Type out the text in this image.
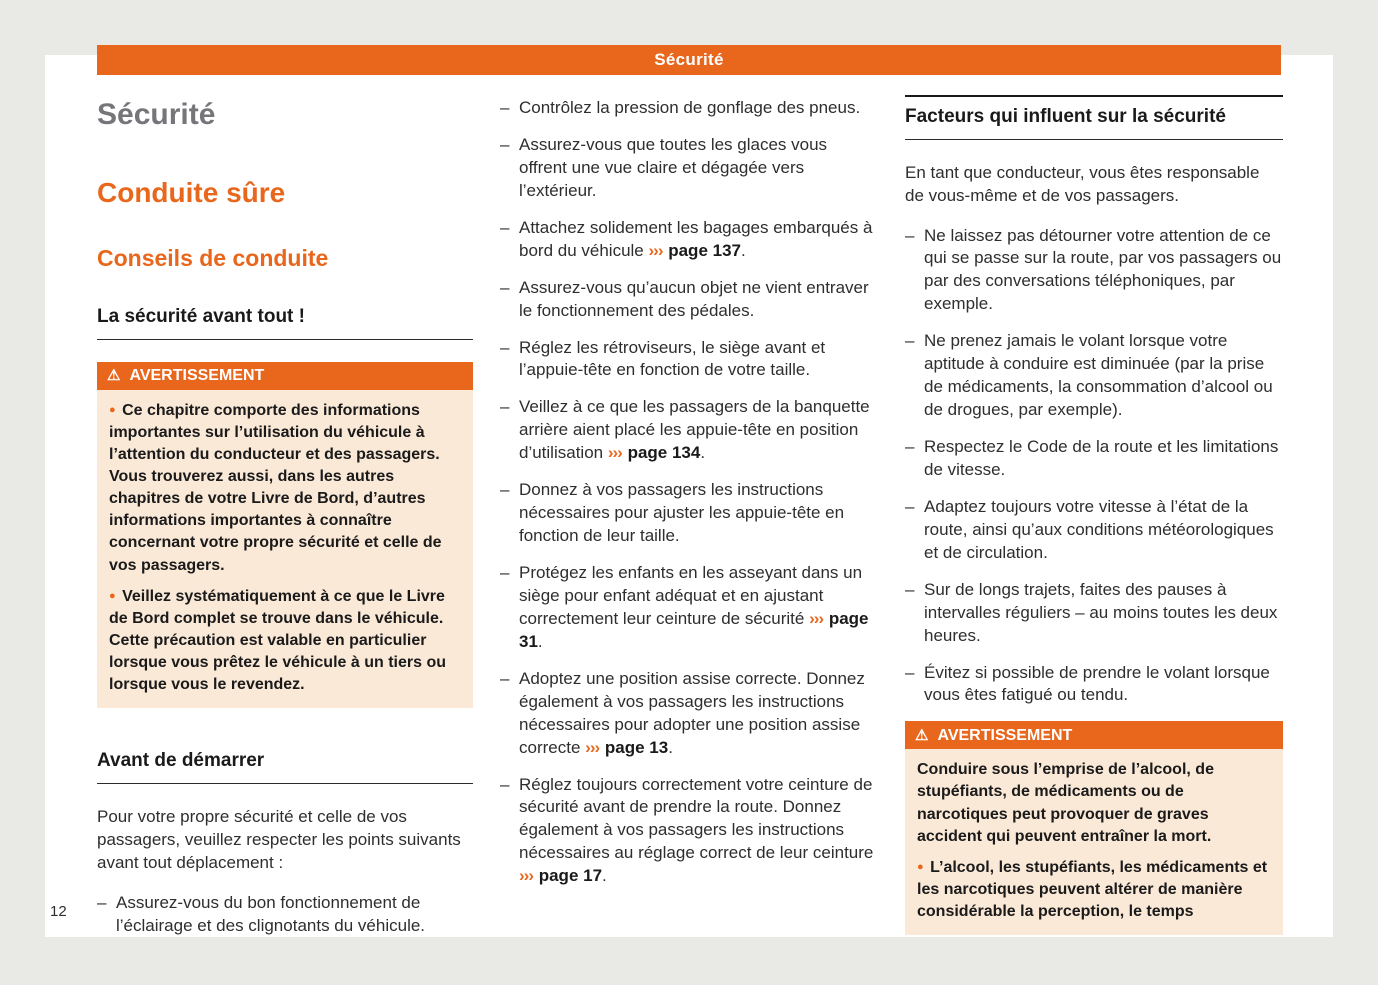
Sécurité
Sécurité
Conduite sûre
Conseils de conduite
La sécurité avant tout !
⚠ AVERTISSEMENT

● Ce chapitre comporte des informations importantes sur l’utilisation du véhicule à l’attention du conducteur et des passagers. Vous trouverez aussi, dans les autres chapitres de votre Livre de Bord, d’autres informations importantes à connaître concernant votre propre sécurité et celle de vos passagers.

● Veillez systématiquement à ce que le Livre de Bord complet se trouve dans le véhicule. Cette précaution est valable en particulier lorsque vous prêtez le véhicule à un tiers ou lorsque vous le revendez.

Avant de démarrer

Pour votre propre sécurité et celle de vos passagers, veuillez respecter les points suivants avant tout déplacement :

– Assurez-vous du bon fonctionnement de l’éclairage et des clignotants du véhicule.
– Contrôlez la pression de gonflage des pneus.
– Assurez-vous que toutes les glaces vous offrent une vue claire et dégagée vers l’extérieur.
– Attachez solidement les bagages embarqués à bord du véhicule ››› page 137.
– Assurez-vous qu’aucun objet ne vient entraver le fonctionnement des pédales.
– Réglez les rétroviseurs, le siège avant et l’appuie-tête en fonction de votre taille.
– Veillez à ce que les passagers de la banquette arrière aient placé les appuie-tête en position d’utilisation ››› page 134.
– Donnez à vos passagers les instructions nécessaires pour ajuster les appuie-tête en fonction de leur taille.
– Protégez les enfants en les asseyant dans un siège pour enfant adéquat et en ajustant correctement leur ceinture de sécurité ››› page 31.
– Adoptez une position assise correcte. Donnez également à vos passagers les instructions nécessaires pour adopter une position assise correcte ››› page 13.
– Réglez toujours correctement votre ceinture de sécurité avant de prendre la route. Donnez également à vos passagers les instructions nécessaires au réglage correct de leur ceinture ››› page 17.
Facteurs qui influent sur la sécurité

En tant que conducteur, vous êtes responsable de vous-même et de vos passagers.

– Ne laissez pas détourner votre attention de ce qui se passe sur la route, par vos passagers ou par des conversations téléphoniques, par exemple.
– Ne prenez jamais le volant lorsque votre aptitude à conduire est diminuée (par la prise de médicaments, la consommation d’alcool ou de drogues, par exemple).
– Respectez le Code de la route et les limitations de vitesse.
– Adaptez toujours votre vitesse à l’état de la route, ainsi qu’aux conditions météorologiques et de circulation.
– Sur de longs trajets, faites des pauses à intervalles réguliers – au moins toutes les deux heures.
– Évitez si possible de prendre le volant lorsque vous êtes fatigué ou tendu.
⚠ AVERTISSEMENT

Conduire sous l’emprise de l’alcool, de stupéfiants, de médicaments ou de narcotiques peut provoquer de graves accident qui peuvent entraîner la mort.

● L’alcool, les stupéfiants, les médicaments et les narcotiques peuvent altérer de manière considérable la perception, le temps

12
